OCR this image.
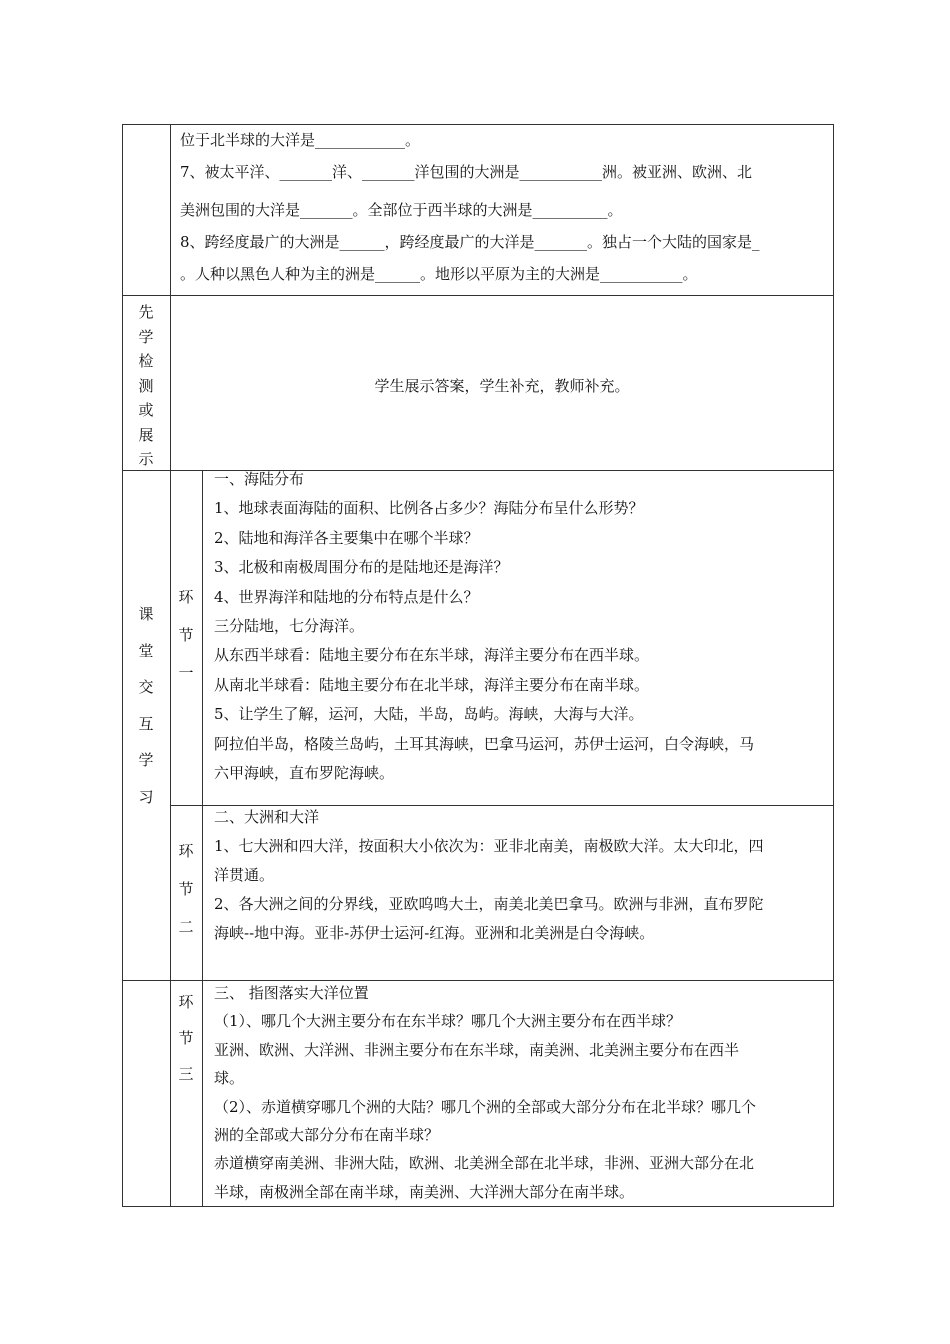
位于北半球的大洋是____________。
7、被太平洋、_______洋、_______洋包围的大洲是___________洲。被亚洲、欧洲、北
美洲包围的大洋是_______。全部位于西半球的大洲是__________。
8、跨经度最广的大洲是______，跨经度最广的大洋是_______。独占一个大陆的国家是_
。人种以黑色人种为主的洲是______。地形以平原为主的大洲是___________。
先
学
检
测
或
展
示
学生展示答案，学生补充，教师补充。
课
堂
交
互
学
习
环
节
一
一、海陆分布
1、地球表面海陆的面积、比例各占多少？海陆分布呈什么形势？
2、陆地和海洋各主要集中在哪个半球？
3、北极和南极周围分布的是陆地还是海洋？
4、世界海洋和陆地的分布特点是什么？
三分陆地，七分海洋。
从东西半球看：陆地主要分布在东半球，海洋主要分布在西半球。
从南北半球看：陆地主要分布在北半球，海洋主要分布在南半球。
5、让学生了解，运河，大陆，半岛，岛屿。海峡，大海与大洋。
阿拉伯半岛，格陵兰岛屿，土耳其海峡，巴拿马运河，苏伊士运河，白令海峡，马
六甲海峡，直布罗陀海峡。
环
节
二
二、大洲和大洋
1、七大洲和四大洋，按面积大小依次为：亚非北南美，南极欧大洋。太大印北，四
洋贯通。
2、各大洲之间的分界线，亚欧呜鸣大土，南美北美巴拿马。欧洲与非洲，直布罗陀
海峡--地中海。亚非-苏伊士运河-红海。亚洲和北美洲是白令海峡。
环
节
三
三、 指图落实大洋位置
（1）、哪几个大洲主要分布在东半球？哪几个大洲主要分布在西半球？
亚洲、欧洲、大洋洲、非洲主要分布在东半球，南美洲、北美洲主要分布在西半
球。
（2）、赤道横穿哪几个洲的大陆？哪几个洲的全部或大部分分布在北半球？哪几个
洲的全部或大部分分布在南半球？
赤道横穿南美洲、非洲大陆，欧洲、北美洲全部在北半球，非洲、亚洲大部分在北
半球，南极洲全部在南半球，南美洲、大洋洲大部分在南半球。
